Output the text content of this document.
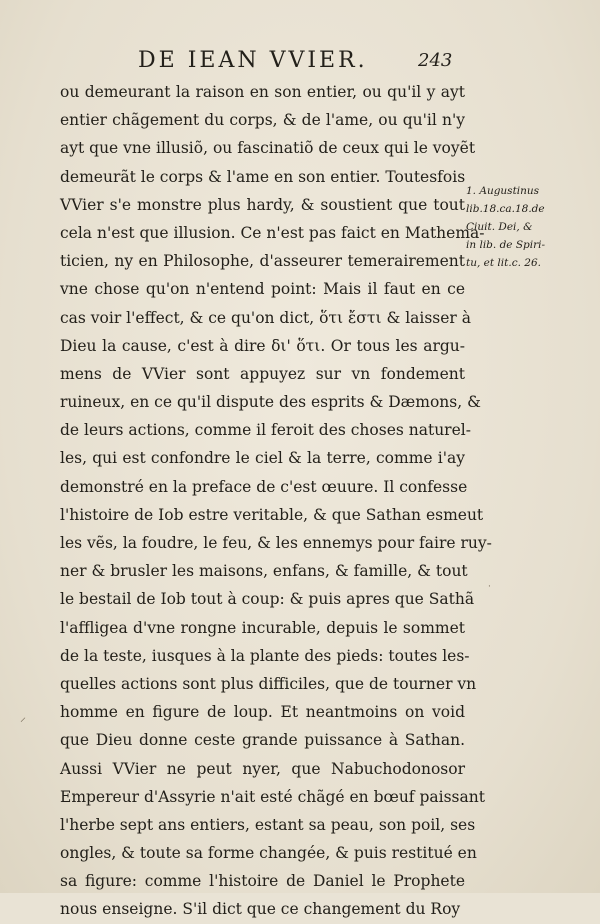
DE IEAN VVIER.	243
ou demeurant la raison en son entier, ou qu'il y ayt
entier chãgement du corps, & de l'ame, ou qu'il n'y
ayt que vne illusiõ, ou fascinatiõ de ceux qui le voyẽt
demeurãt le corps & l'ame en son entier. Toutesfois
VVier s'e monstre plus hardy, & soustient que tout
cela n'est que illusion. Ce n'est pas faict en Mathema-
ticien, ny en Philosophe, d'asseurer temerairement
vne chose qu'on n'entend point: Mais il faut en ce
cas voir l'effect, & ce qu'on dict, ὅτι ἔστι & laisser à
Dieu la cause, c'est à dire δι' ὅτι. Or tous les argu-
mens de VVier sont appuyez sur vn fondement
ruineux, en ce qu'il dispute des esprits & Dæmons, &
de leurs actions, comme il feroit des choses naturel-
les, qui est confondre le ciel & la terre, comme i'ay
demonstré en la preface de c'est œuure. Il confesse
l'histoire de Iob estre veritable, & que Sathan esmeut
les vẽs, la foudre, le feu, & les ennemys pour faire ruy-
ner & brusler les maisons, enfans, & famille, & tout
le bestail de Iob tout à coup: & puis apres que Sathã
l'affligea d'vne rongne incurable, depuis le sommet
de la teste, iusques à la plante des pieds: toutes les-
quelles actions sont plus difficiles, que de tourner vn
homme en figure de loup. Et neantmoins on void
que Dieu donne ceste grande puissance à Sathan.
Aussi VVier ne peut nyer, que Nabuchodonosor
Empereur d'Assyrie n'ait esté chãgé en bœuf paissant
l'herbe sept ans entiers, estant sa peau, son poil, ses
ongles, & toute sa forme changée, & puis restitué en
sa figure: comme l'histoire de Daniel le Prophete
nous enseigne. S'il dict que ce changement du Roy
1. Augustinus
lib.18.ca.18.de
Ciuit. Dei, &
in lib. de Spiri-
tu, et lit.c. 26.
⸝
·
